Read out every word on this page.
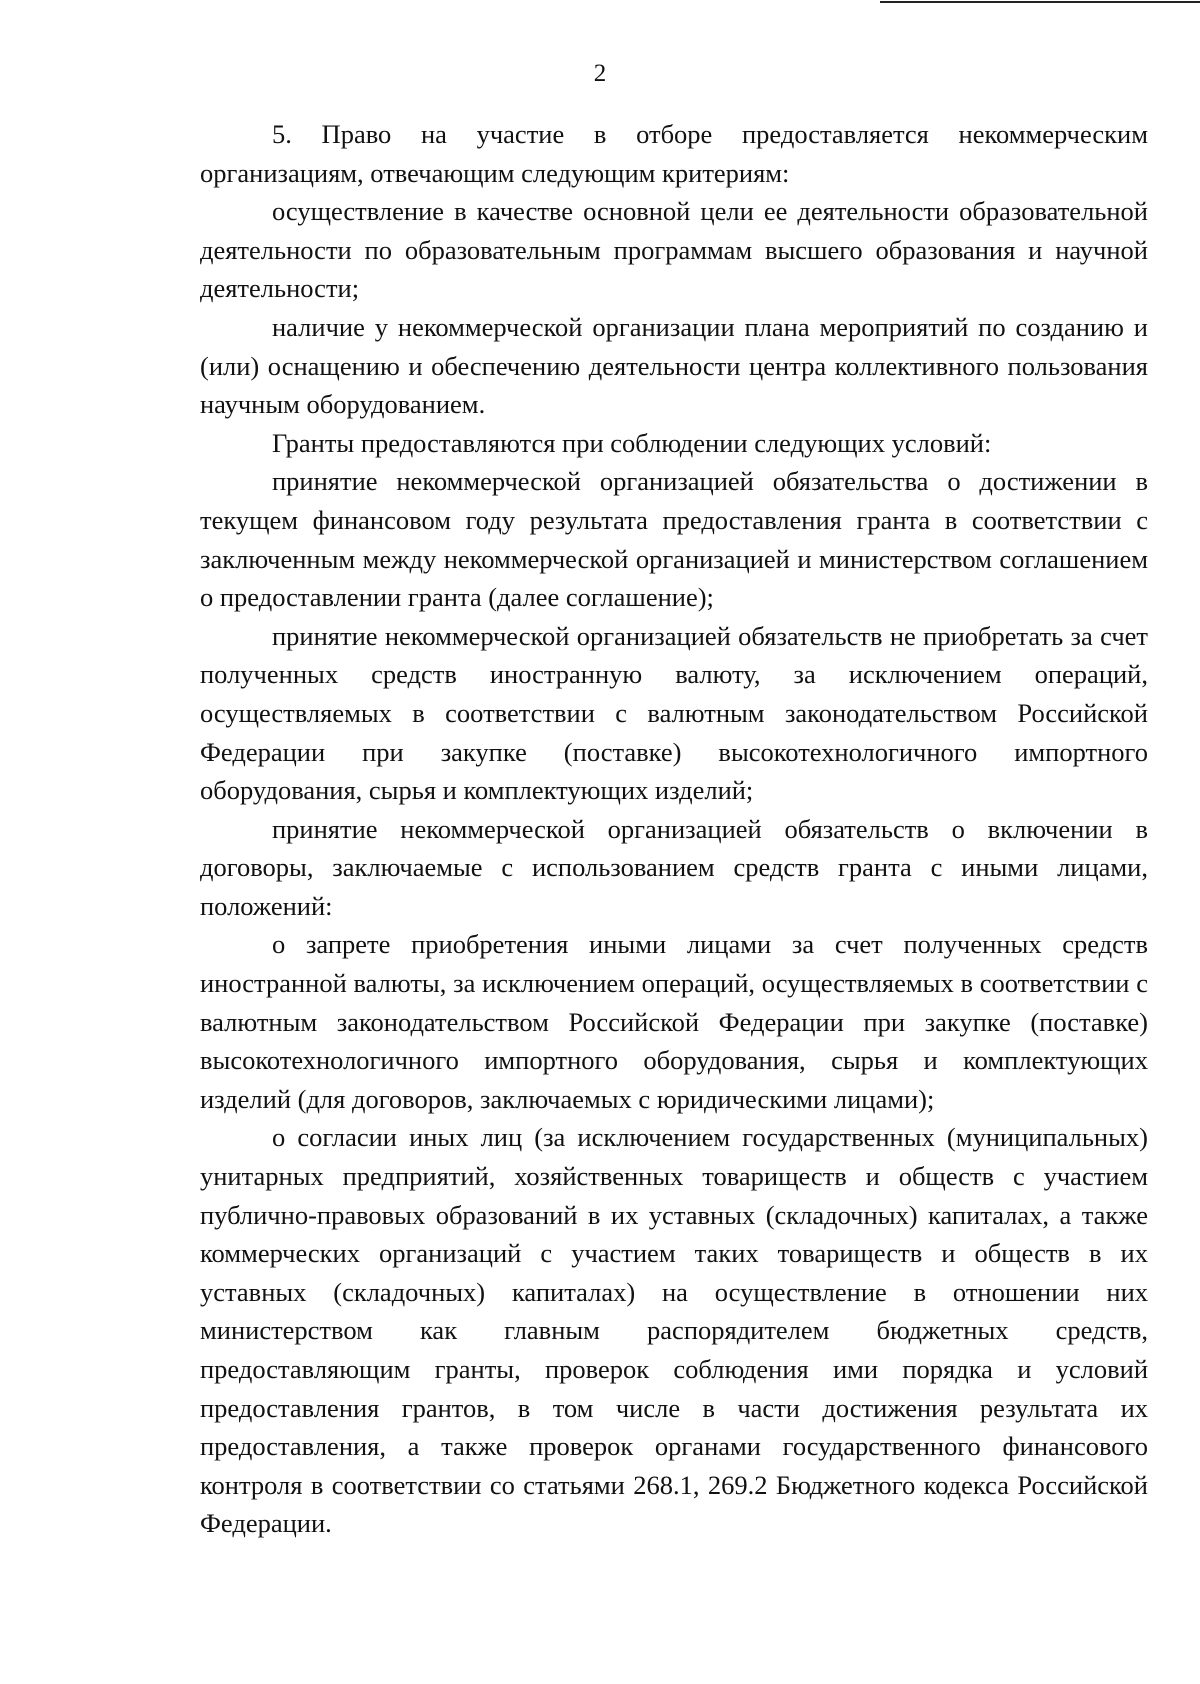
2

5. Право на участие в отборе предоставляется некоммерческим организациям, отвечающим следующим критериям:

осуществление в качестве основной цели ее деятельности образовательной деятельности по образовательным программам высшего образования и научной деятельности;

наличие у некоммерческой организации плана мероприятий по созданию и (или) оснащению и обеспечению деятельности центра коллективного пользования научным оборудованием.

Гранты предоставляются при соблюдении следующих условий:

принятие некоммерческой организацией обязательства о достижении в текущем финансовом году результата предоставления гранта в соответствии с заключенным между некоммерческой организацией и министерством соглашением о предоставлении гранта (далее соглашение);

принятие некоммерческой организацией обязательств не приобретать за счет полученных средств иностранную валюту, за исключением операций, осуществляемых в соответствии с валютным законодательством Российской Федерации при закупке (поставке) высокотехнологичного импортного оборудования, сырья и комплектующих изделий;

принятие некоммерческой организацией обязательств о включении в договоры, заключаемые с использованием средств гранта с иными лицами, положений:

о запрете приобретения иными лицами за счет полученных средств иностранной валюты, за исключением операций, осуществляемых в соответствии с валютным законодательством Российской Федерации при закупке (поставке) высокотехнологичного импортного оборудования, сырья и комплектующих изделий (для договоров, заключаемых с юридическими лицами);

о согласии иных лиц (за исключением государственных (муниципальных) унитарных предприятий, хозяйственных товариществ и обществ с участием публично-правовых образований в их уставных (складочных) капиталах, а также коммерческих организаций с участием таких товариществ и обществ в их уставных (складочных) капиталах) на осуществление в отношении них министерством как главным распорядителем бюджетных средств, предоставляющим гранты, проверок соблюдения ими порядка и условий предоставления грантов, в том числе в части достижения результата их предоставления, а также проверок органами государственного финансового контроля в соответствии со статьями 268.1, 269.2 Бюджетного кодекса Российской Федерации.
